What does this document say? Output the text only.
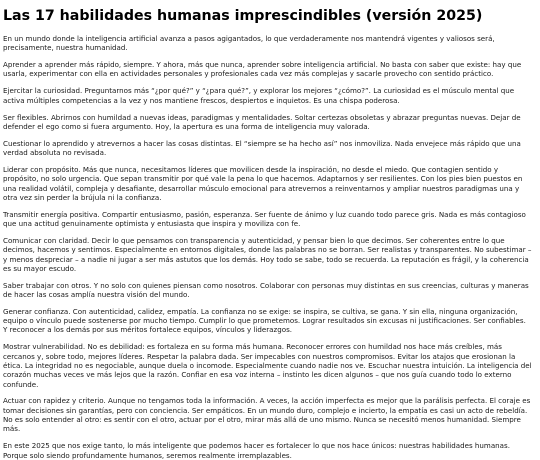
Las 17 habilidades humanas imprescindibles (versión 2025)

En un mundo donde la inteligencia artificial avanza a pasos agigantados, lo que verdaderamente nos mantendrá vigentes y valiosos será, precisamente, nuestra humanidad.

Aprender a aprender más rápido, siempre. Y ahora, más que nunca, aprender sobre inteligencia artificial. No basta con saber que existe: hay que usarla, experimentar con ella en actividades personales y profesionales cada vez más complejas y sacarle provecho con sentido práctico.

Ejercitar la curiosidad. Preguntarnos más “¿por qué?” y “¿para qué?”, y explorar los mejores “¿cómo?”. La curiosidad es el músculo mental que activa múltiples competencias a la vez y nos mantiene frescos, despiertos e inquietos. Es una chispa poderosa.

Ser flexibles. Abrirnos con humildad a nuevas ideas, paradigmas y mentalidades. Soltar certezas obsoletas y abrazar preguntas nuevas. Dejar de defender el ego como si fuera argumento. Hoy, la apertura es una forma de inteligencia muy valorada.

Cuestionar lo aprendido y atrevernos a hacer las cosas distintas. El “siempre se ha hecho así” nos inmoviliza. Nada envejece más rápido que una verdad absoluta no revisada.

Liderar con propósito. Más que nunca, necesitamos líderes que movilicen desde la inspiración, no desde el miedo. Que contagien sentido y propósito, no solo urgencia. Que sepan transmitir por qué vale la pena lo que hacemos. Adaptarnos y ser resilientes. Con los pies bien puestos en una realidad volátil, compleja y desafiante, desarrollar músculo emocional para atrevernos a reinventarnos y ampliar nuestros paradigmas una y otra vez sin perder la brújula ni la confianza.

Transmitir energía positiva. Compartir entusiasmo, pasión, esperanza. Ser fuente de ánimo y luz cuando todo parece gris. Nada es más contagioso que una actitud genuinamente optimista y entusiasta que inspira y moviliza con fe.

Comunicar con claridad. Decir lo que pensamos con transparencia y autenticidad, y pensar bien lo que decimos. Ser coherentes entre lo que decimos, hacemos y sentimos. Especialmente en entornos digitales, donde las palabras no se borran. Ser realistas y transparentes. No subestimar – y menos despreciar – a nadie ni jugar a ser más astutos que los demás. Hoy todo se sabe, todo se recuerda. La reputación es frágil, y la coherencia es su mayor escudo.

Saber trabajar con otros. Y no solo con quienes piensan como nosotros. Colaborar con personas muy distintas en sus creencias, culturas y maneras de hacer las cosas amplía nuestra visión del mundo.

Generar confianza. Con autenticidad, calidez, empatía. La confianza no se exige: se inspira, se cultiva, se gana. Y sin ella, ninguna organización, equipo o vínculo puede sostenerse por mucho tiempo. Cumplir lo que prometemos. Lograr resultados sin excusas ni justificaciones. Ser confiables. Y reconocer a los demás por sus méritos fortalece equipos, vínculos y liderazgos.

Mostrar vulnerabilidad. No es debilidad: es fortaleza en su forma más humana. Reconocer errores con humildad nos hace más creíbles, más cercanos y, sobre todo, mejores líderes. Respetar la palabra dada. Ser impecables con nuestros compromisos. Evitar los atajos que erosionan la ética. La integridad no es negociable, aunque duela o incomode. Especialmente cuando nadie nos ve. Escuchar nuestra intuición. La inteligencia del corazón muchas veces ve más lejos que la razón. Confiar en esa voz interna – instinto les dicen algunos – que nos guía cuando todo lo externo confunde.

Actuar con rapidez y criterio. Aunque no tengamos toda la información. A veces, la acción imperfecta es mejor que la parálisis perfecta. El coraje es tomar decisiones sin garantías, pero con conciencia. Ser empáticos. En un mundo duro, complejo e incierto, la empatía es casi un acto de rebeldía. No es solo entender al otro: es sentir con el otro, actuar por el otro, mirar más allá de uno mismo. Nunca se necesitó menos humanidad. Siempre más.

En este 2025 que nos exige tanto, lo más inteligente que podemos hacer es fortalecer lo que nos hace únicos: nuestras habilidades humanas. Porque solo siendo profundamente humanos, seremos realmente irremplazables.
